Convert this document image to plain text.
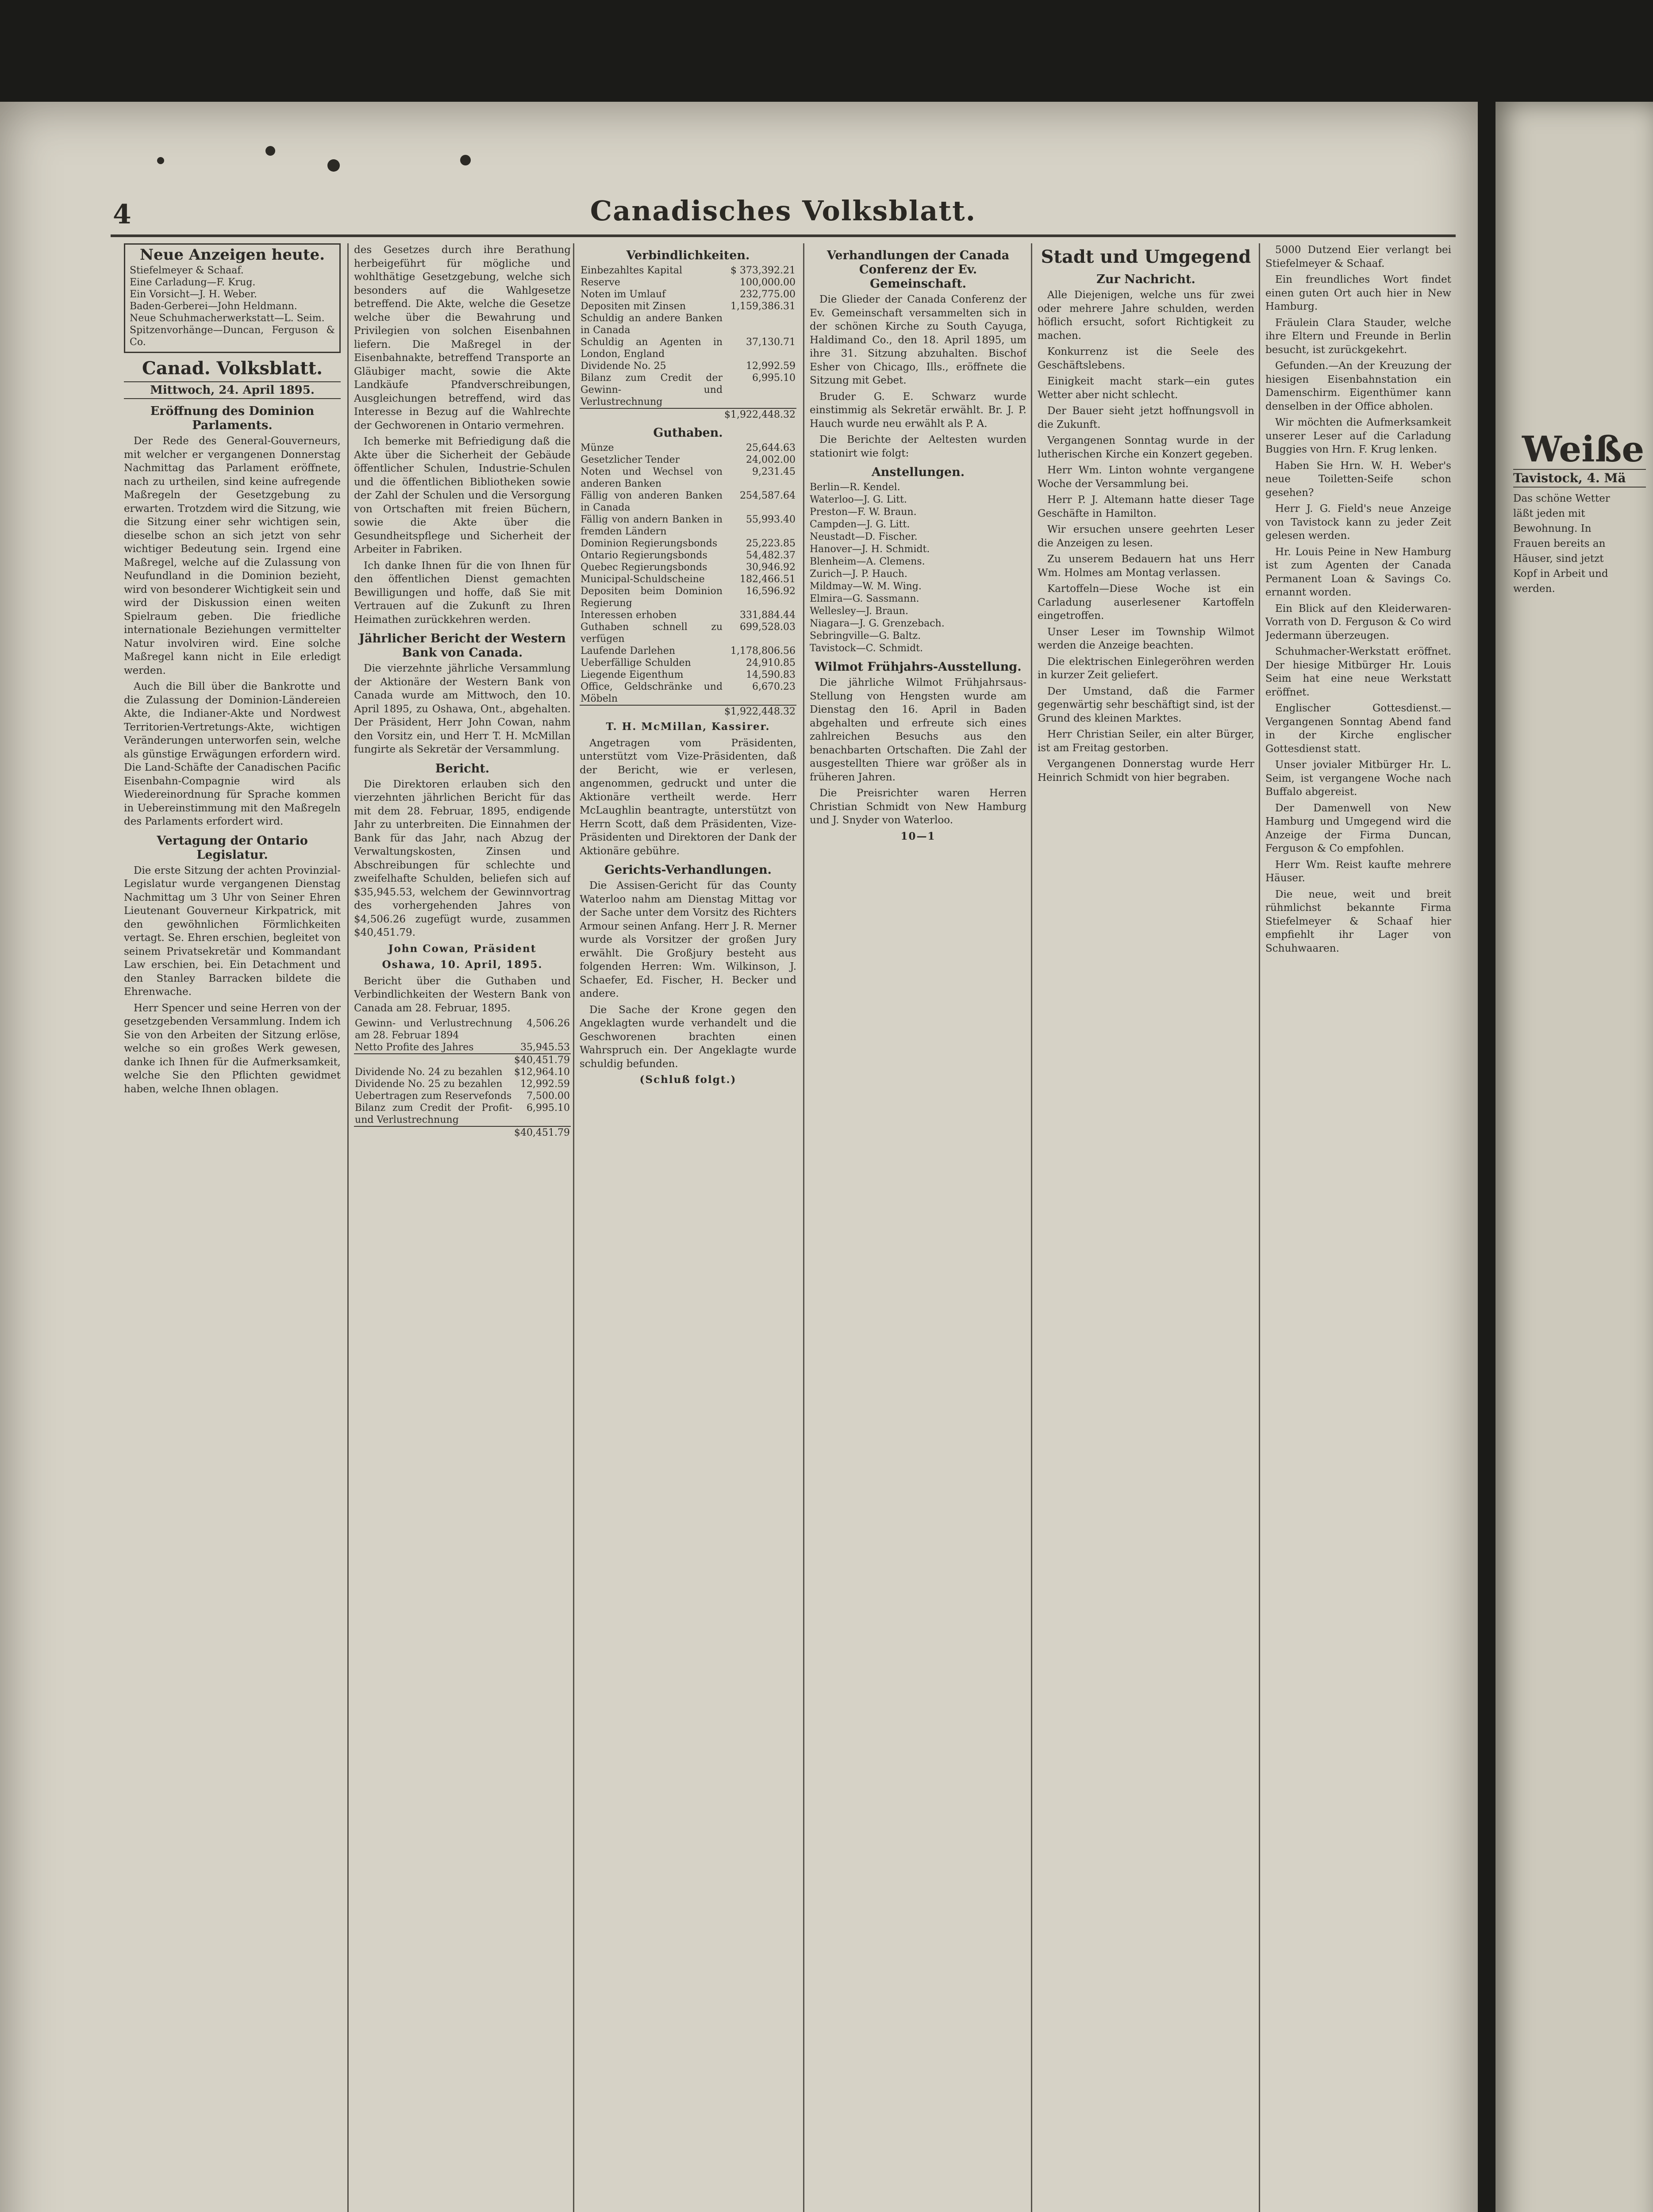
4	Canadisches Volksblatt.
Neue Anzeigen heute.
Stiefelmeyer & Schaaf.
Eine Carladung—F. Krug.
Ein Vorsicht—J. H. Weber.
Baden-Gerberei—John Heldmann.
Neue Schuhmacherwerkstatt—L. Seim.
Spitzenvorhänge—Duncan, Ferguson & Co.
Canad. Volksblatt.
Mittwoch, 24. April 1895.
Eröffnung des Dominion Parlaments.

Der Rede des General-Gouverneurs, mit welcher er vergangenen Donnerstag Nachmittag das Parlament eröffnete, nach zu urtheilen, sind keine aufregende Maßregeln der Gesetzgebung zu erwarten. Trotzdem wird die Sitzung, wie die Sitzung einer sehr wichtigen sein, dieselbe schon an sich jetzt von sehr wichtiger Bedeutung sein. Irgend eine Maßregel, welche auf die Zulassung von Neufundland in die Dominion bezieht, wird von besonderer Wichtigkeit sein und wird der Diskussion einen weiten Spielraum geben. Die friedliche internationale Beziehungen vermittelter Natur involviren wird. Eine solche Maßregel kann nicht in Eile erledigt werden.

Auch die Bill über die Bankrotte und die Zulassung der Dominion-Ländereien Akte, die Indianer-Akte und Nordwest Territorien-Vertretungs-Akte, wichtigen Veränderungen unterworfen sein, welche als günstige Erwägungen erfordern wird. Die Land-Schäfte der Canadischen Pacific Eisenbahn-Compagnie wird als Wiedereinordnung für Sprache kommen in Uebereinstimmung mit den Maßregeln des Parlaments erfordert wird.

Vertagung der Ontario Legislatur.

Die erste Sitzung der achten Provinzial-Legislatur wurde vergangenen Dienstag Nachmittag um 3 Uhr von Seiner Ehren Lieutenant Gouverneur Kirkpatrick, mit den gewöhnlichen Förmlichkeiten vertagt. Se. Ehren erschien, begleitet von seinem Privatsekretär und Kommandant Law erschien, bei. Ein Detachment und den Stanley Barracken bildete die Ehrenwache.

Herr Spencer und seine Herren von der gesetzgebenden Versammlung. Indem ich Sie von den Arbeiten der Sitzung erlöse, welche so ein großes Werk gewesen, danke ich Ihnen für die Aufmerksamkeit, welche Sie den Pflichten gewidmet haben, welche Ihnen oblagen.

des Gesetzes durch ihre Berathung herbeigeführt für mögliche und wohlthätige Gesetzgebung, welche sich besonders auf die Wahlgesetze betreffend. Die Akte, welche die Gesetze welche über die Bewahrung und Privilegien von solchen Eisenbahnen liefern. Die Maßregel in der Eisenbahnakte, betreffend Transporte an Gläubiger macht, sowie die Akte Landkäufe Pfandverschreibungen, Ausgleichungen betreffend, wird das Interesse in Bezug auf die Wahlrechte der Gechworenen in Ontario vermehren.

Ich bemerke mit Befriedigung daß die Akte über die Sicherheit der Gebäude öffentlicher Schulen, Industrie-Schulen und die öffentlichen Bibliotheken sowie der Zahl der Schulen und die Versorgung von Ortschaften mit freien Büchern, sowie die Akte über die Gesundheitspflege und Sicherheit der Arbeiter in Fabriken.

Ich danke Ihnen für die von Ihnen für den öffentlichen Dienst gemachten Bewilligungen und hoffe, daß Sie mit Vertrauen auf die Zukunft zu Ihren Heimathen zurückkehren werden.

Jährlicher Bericht der Western Bank von Canada.

Die vierzehnte jährliche Versammlung der Aktionäre der Western Bank von Canada wurde am Mittwoch, den 10. April 1895, zu Oshawa, Ont., abgehalten. Der Präsident, Herr John Cowan, nahm den Vorsitz ein, und Herr T. H. McMillan fungirte als Sekretär der Versammlung.

Bericht.

Die Direktoren erlauben sich den vierzehnten jährlichen Bericht für das mit dem 28. Februar, 1895, endigende Jahr zu unterbreiten. Die Einnahmen der Bank für das Jahr, nach Abzug der Verwaltungskosten, Zinsen und Abschreibungen für schlechte und zweifelhafte Schulden, beliefen sich auf $35,945.53, welchem der Gewinnvortrag des vorhergehenden Jahres von $4,506.26 zugefügt wurde, zusammen $40,451.79.

John Cowan, Präsident
Oshawa, 10. April, 1895.

Bericht über die Guthaben und Verbindlichkeiten der Western Bank von Canada am 28. Februar, 1895.

Gewinn- und Verlustrechnung am 28. Februar 1894	4,506.26
Netto Profite des Jahres	35,945.53
	$40,451.79
Dividende No. 24 zu bezahlen	$12,964.10
Dividende No. 25 zu bezahlen	12,992.59
Uebertragen zum Reservefonds	7,500.00
Bilanz zum Credit der Profit- und Verlustrechnung	6,995.10
	$40,451.79
Verbindlichkeiten.
Einbezahltes Kapital	$ 373,392.21
Reserve	100,000.00
Noten im Umlauf	232,775.00
Depositen mit Zinsen	1,159,386.31
Schuldig an andere Banken in Canada	
Schuldig an Agenten in London, England	37,130.71
Dividende No. 25	12,992.59
Bilanz zum Credit der Gewinn- und Verlustrechnung	6,995.10
	$1,922,448.32
Guthaben.
Münze	25,644.63
Gesetzlicher Tender	24,002.00
Noten und Wechsel von anderen Banken	9,231.45
Fällig von anderen Banken in Canada	254,587.64
Fällig von andern Banken in fremden Ländern	55,993.40
Dominion Regierungsbonds	25,223.85
Ontario Regierungsbonds	54,482.37
Quebec Regierungsbonds	30,946.92
Municipal-Schuldscheine	182,466.51
Depositen beim Dominion Regierung	16,596.92
Interessen erhoben	331,884.44
Guthaben schnell zu verfügen	699,528.03
Laufende Darlehen	1,178,806.56
Ueberfällige Schulden	24,910.85
Liegende Eigenthum	14,590.83
Office, Geldschränke und Möbeln	6,670.23
	$1,922,448.32
T. H. McMillan, Kassirer.

Angetragen vom Präsidenten, unterstützt vom Vize-Präsidenten, daß der Bericht, wie er verlesen, angenommen, gedruckt und unter die Aktionäre vertheilt werde. Herr McLaughlin beantragte, unterstützt von Herrn Scott, daß dem Präsidenten, Vize-Präsidenten und Direktoren der Dank der Aktionäre gebühre.

Gerichts-Verhandlungen.

Die Assisen-Gericht für das County Waterloo nahm am Dienstag Mittag vor der Sache unter dem Vorsitz des Richters Armour seinen Anfang. Herr J. R. Merner wurde als Vorsitzer der großen Jury erwählt. Die Großjury besteht aus folgenden Herren: Wm. Wilkinson, J. Schaefer, Ed. Fischer, H. Becker und andere.

Die Sache der Krone gegen den Angeklagten wurde verhandelt und die Geschworenen brachten einen Wahrspruch ein. Der Angeklagte wurde schuldig befunden.

(Schluß folgt.)
Verhandlungen der Canada Conferenz der Ev. Gemeinschaft.

Die Glieder der Canada Conferenz der Ev. Gemeinschaft versammelten sich in der schönen Kirche zu South Cayuga, Haldimand Co., den 18. April 1895, um ihre 31. Sitzung abzuhalten. Bischof Esher von Chicago, Ills., eröffnete die Sitzung mit Gebet.

Bruder G. E. Schwarz wurde einstimmig als Sekretär erwählt. Br. J. P. Hauch wurde neu erwählt als P. A.

Die Berichte der Aeltesten wurden stationirt wie folgt:

Anstellungen.
Berlin—R. Kendel.
Waterloo—J. G. Litt.
Preston—F. W. Braun.
Campden—J. G. Litt.
Neustadt—D. Fischer.
Hanover—J. H. Schmidt.
Blenheim—A. Clemens.
Zurich—J. P. Hauch.
Mildmay—W. M. Wing.
Elmira—G. Sassmann.
Wellesley—J. Braun.
Niagara—J. G. Grenzebach.
Sebringville—G. Baltz.
Tavistock—C. Schmidt.
Wilmot Frühjahrs-Ausstellung.

Die jährliche Wilmot Frühjahrsaus-Stellung von Hengsten wurde am Dienstag den 16. April in Baden abgehalten und erfreute sich eines zahlreichen Besuchs aus den benachbarten Ortschaften. Die Zahl der ausgestellten Thiere war größer als in früheren Jahren.

Die Preisrichter waren Herren Christian Schmidt von New Hamburg und J. Snyder von Waterloo.

10—1
Stadt und Umgegend
Zur Nachricht.

Alle Diejenigen, welche uns für zwei oder mehrere Jahre schulden, werden höflich ersucht, sofort Richtigkeit zu machen.

Konkurrenz ist die Seele des Geschäftslebens.

Einigkeit macht stark—ein gutes Wetter aber nicht schlecht.

Der Bauer sieht jetzt hoffnungsvoll in die Zukunft.

Vergangenen Sonntag wurde in der lutherischen Kirche ein Konzert gegeben.

Herr Wm. Linton wohnte vergangene Woche der Versammlung bei.

Herr P. J. Altemann hatte dieser Tage Geschäfte in Hamilton.

Wir ersuchen unsere geehrten Leser die Anzeigen zu lesen.

Zu unserem Bedauern hat uns Herr Wm. Holmes am Montag verlassen.

Kartoffeln—Diese Woche ist ein Carladung auserlesener Kartoffeln eingetroffen.

Unser Leser im Township Wilmot werden die Anzeige beachten.

Die elektrischen Einlegeröhren werden in kurzer Zeit geliefert.

Der Umstand, daß die Farmer gegenwärtig sehr beschäftigt sind, ist der Grund des kleinen Marktes.

Herr Christian Seiler, ein alter Bürger, ist am Freitag gestorben.

Vergangenen Donnerstag wurde Herr Heinrich Schmidt von hier begraben.

5000 Dutzend Eier verlangt bei Stiefelmeyer & Schaaf.

Ein freundliches Wort findet einen guten Ort auch hier in New Hamburg.

Fräulein Clara Stauder, welche ihre Eltern und Freunde in Berlin besucht, ist zurückgekehrt.

Gefunden.—An der Kreuzung der hiesigen Eisenbahnstation ein Damenschirm. Eigenthümer kann denselben in der Office abholen.

Wir möchten die Aufmerksamkeit unserer Leser auf die Carladung Buggies von Hrn. F. Krug lenken.

Haben Sie Hrn. W. H. Weber's neue Toiletten-Seife schon gesehen?

Herr J. G. Field's neue Anzeige von Tavistock kann zu jeder Zeit gelesen werden.

Hr. Louis Peine in New Hamburg ist zum Agenten der Canada Permanent Loan & Savings Co. ernannt worden.

Ein Blick auf den Kleiderwaren-Vorrath von D. Ferguson & Co wird Jedermann überzeugen.

Schuhmacher-Werkstatt eröffnet. Der hiesige Mitbürger Hr. Louis Seim hat eine neue Werkstatt eröffnet.

Englischer Gottesdienst.—Vergangenen Sonntag Abend fand in der Kirche englischer Gottesdienst statt.

Unser jovialer Mitbürger Hr. L. Seim, ist vergangene Woche nach Buffalo abgereist.

Der Damenwell von New Hamburg und Umgegend wird die Anzeige der Firma Duncan, Ferguson & Co empfohlen.

Herr Wm. Reist kaufte mehrere Häuser.

Die neue, weit und breit rühmlichst bekannte Firma Stiefelmeyer & Schaaf hier empfiehlt ihr Lager von Schuhwaaren.

Weiße
Tavistock, 4. Mä

Das schöne Wetter

läßt jeden mit

Bewohnung. In

Frauen bereits an

Häuser, sind jetzt

Kopf in Arbeit und

werden.
